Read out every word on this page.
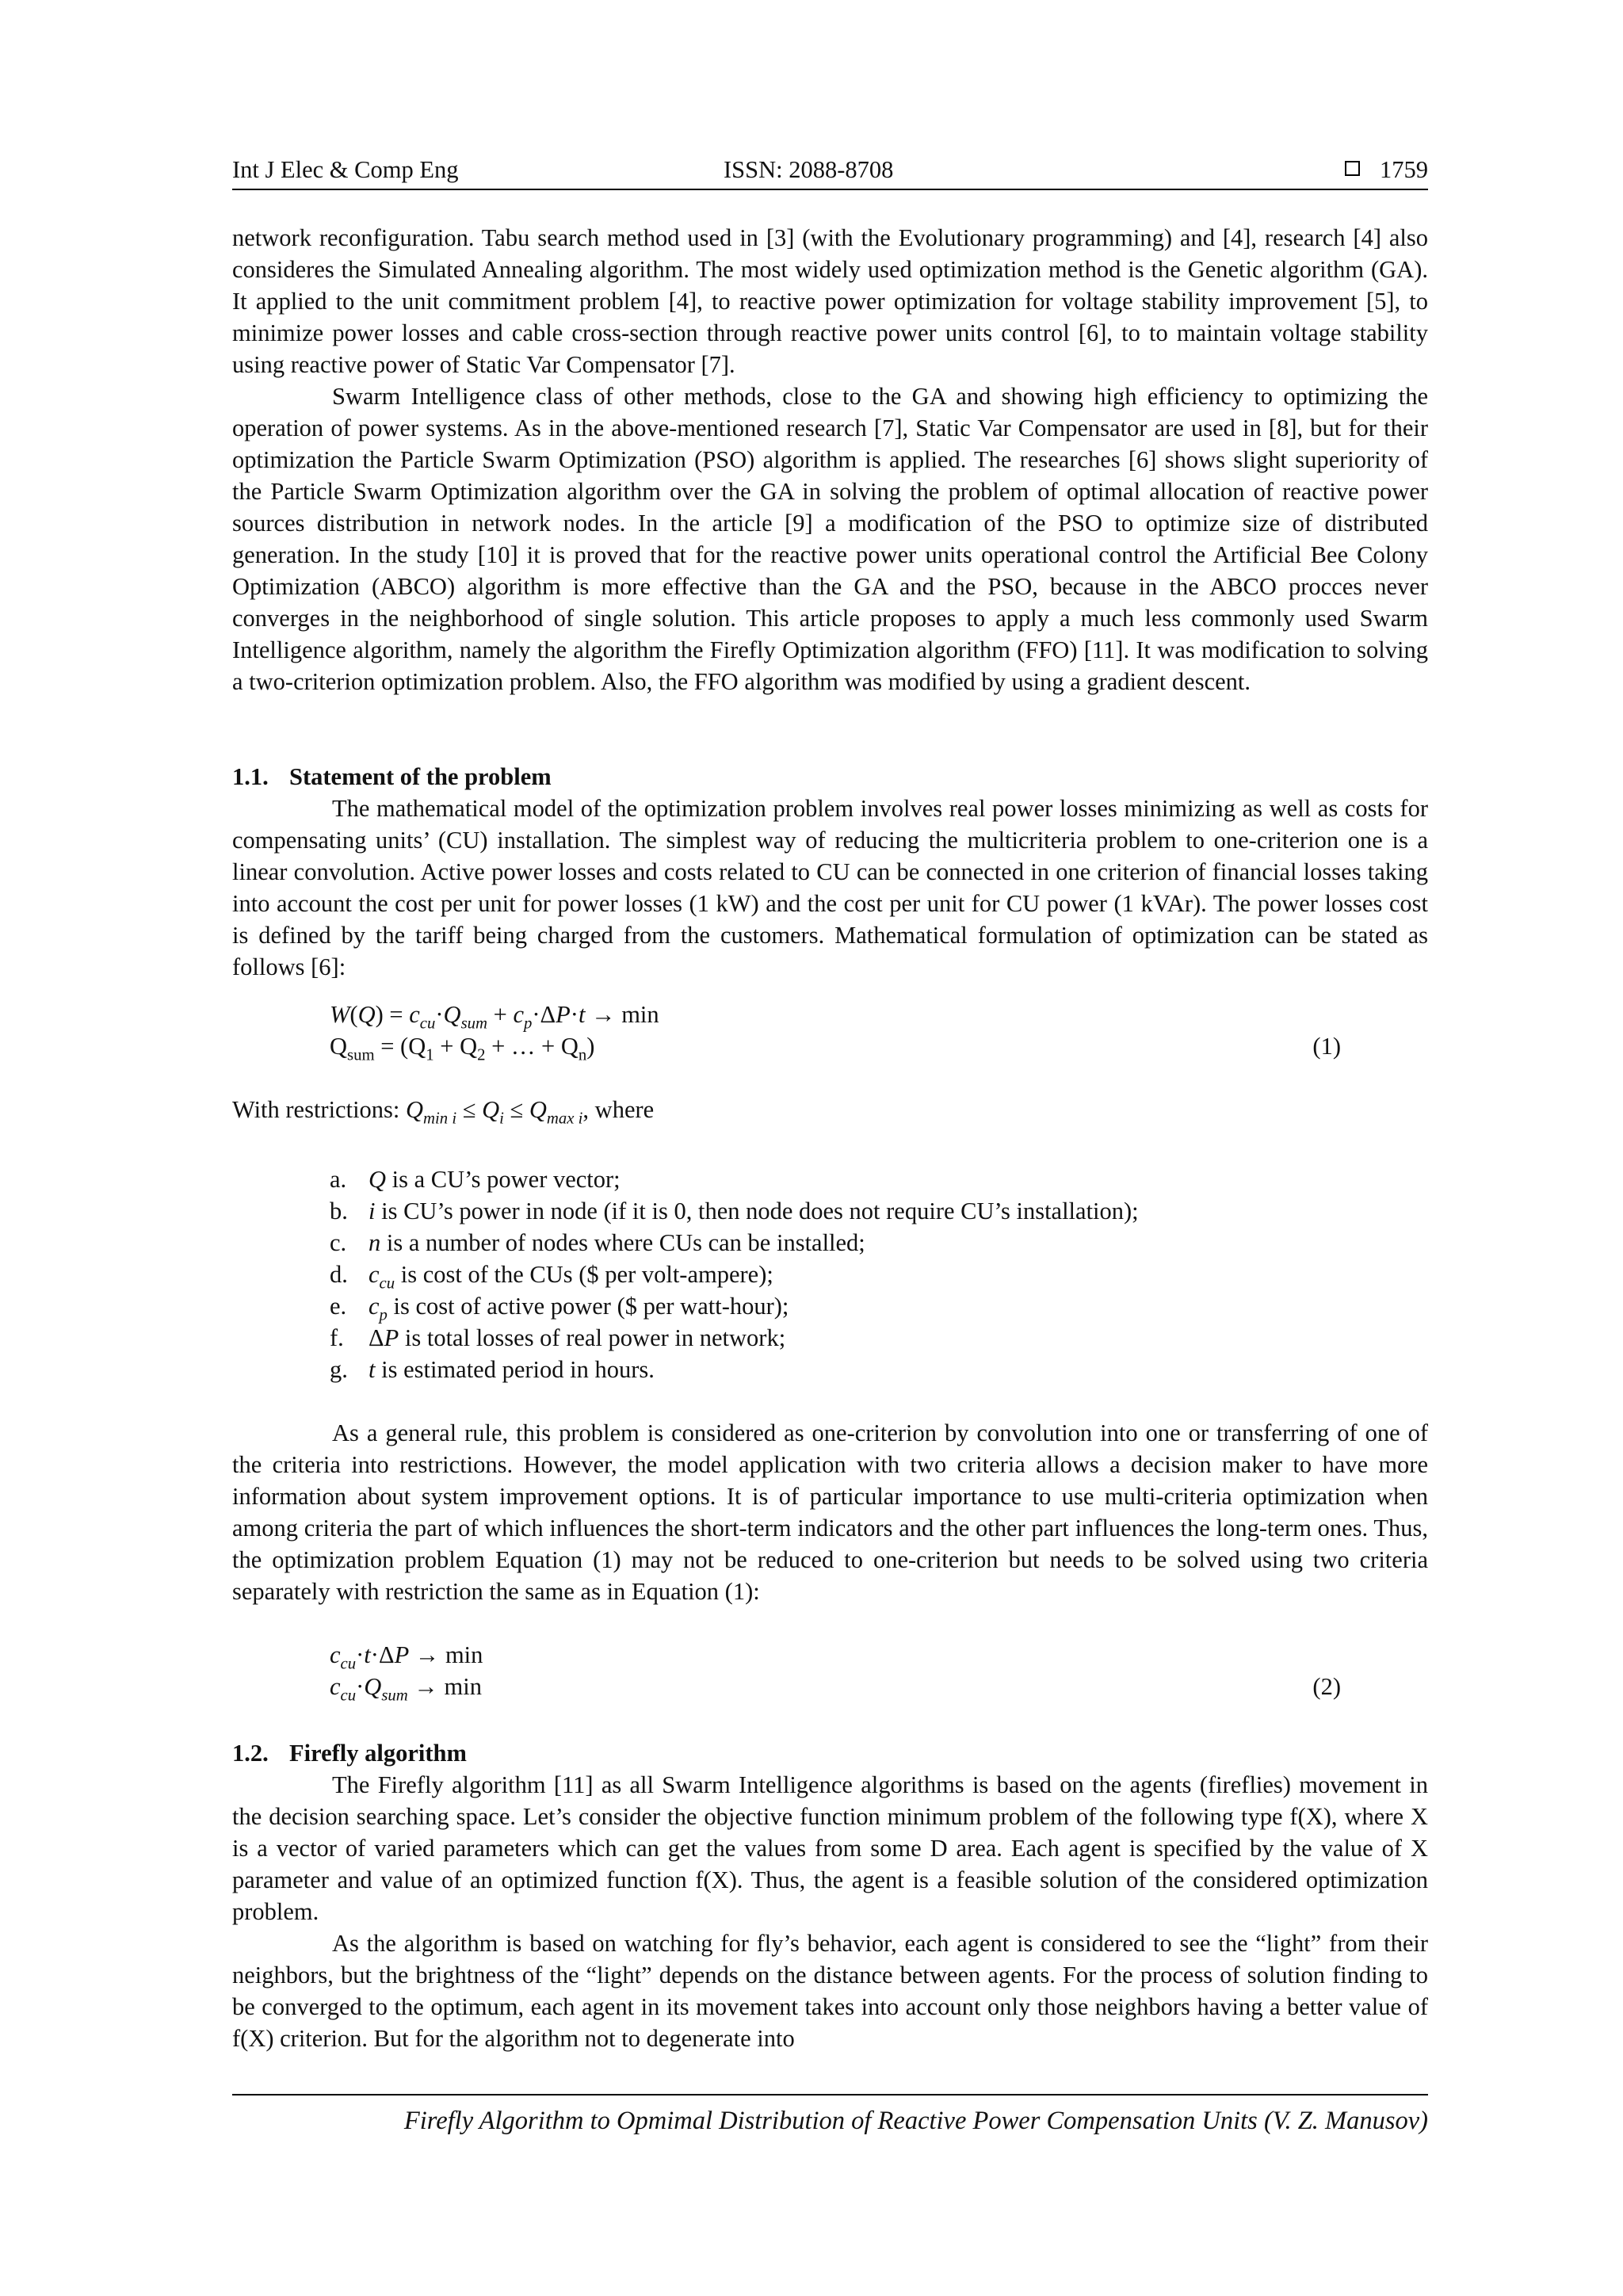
Int J Elec & Comp Eng	ISSN: 2088-8708	1759

network reconfiguration. Tabu search method used in [3] (with the Evolutionary programming) and [4], research [4] also consideres the Simulated Annealing algorithm. The most widely used optimization method is the Genetic algorithm (GA). It applied to the unit commitment problem [4], to reactive power optimization for voltage stability improvement [5], to minimize power losses and cable cross-section through reactive power units control [6], to to maintain voltage stability using reactive power of Static Var Compensator [7].

Swarm Intelligence class of other methods, close to the GA and showing high efficiency to optimizing the operation of power systems. As in the above-mentioned research [7], Static Var Compensator are used in [8], but for their optimization the Particle Swarm Optimization (PSO) algorithm is applied. The researches [6] shows slight superiority of the Particle Swarm Optimization algorithm over the GA in solving the problem of optimal allocation of reactive power sources distribution in network nodes. In the article [9] a modification of the PSO to optimize size of distributed generation. In the study [10] it is proved that for the reactive power units operational control the Artificial Bee Colony Optimization (ABCO) algorithm is more effective than the GA and the PSO, because in the ABCO procces never converges in the neighborhood of single solution. This article proposes to apply a much less commonly used Swarm Intelligence algorithm, namely the algorithm the Firefly Optimization algorithm (FFO) [11]. It was modification to solving a two-criterion optimization problem. Also, the FFO algorithm was modified by using a gradient descent.

1.1. Statement of the problem

The mathematical model of the optimization problem involves real power losses minimizing as well as costs for compensating units’ (CU) installation. The simplest way of reducing the multicriteria problem to one-criterion one is a linear convolution. Active power losses and costs related to CU can be connected in one criterion of financial losses taking into account the cost per unit for power losses (1 kW) and the cost per unit for CU power (1 kVAr). The power losses cost is defined by the tariff being charged from the customers. Mathematical formulation of optimization can be stated as follows [6]:

$W(Q) = c_{cu}\cdot Q_{sum} + c_p\cdot\Delta P\cdot t \to \min$
$Q_{sum} = (Q_1 + Q_2$ + … + $Q_n$)	(1)

With restrictions: $Q_{min i} \le Q_i \le Q_{max i}$, where

a. Q is a CU’s power vector;
b. i is CU’s power in node (if it is 0, then node does not require CU’s installation);
c. n is a number of nodes where CUs can be installed;
d. $c_{cu}$ is cost of the CUs ($ per volt-ampere);
e. $c_p$ is cost of active power ($ per watt-hour);
f. ΔP is total losses of real power in network;
g. t is estimated period in hours.

As a general rule, this problem is considered as one-criterion by convolution into one or transferring of one of the criteria into restrictions. However, the model application with two criteria allows a decision maker to have more information about system improvement options. It is of particular importance to use multi-criteria optimization when among criteria the part of which influences the short-term indicators and the other part influences the long-term ones. Thus, the optimization problem Equation (1) may not be reduced to one-criterion but needs to be solved using two criteria separately with restriction the same as in Equation (1):

$c_{cu}\cdot t\cdot\Delta P \to \min$
$c_{cu}\cdot Q_{sum} \to \min$	(2)

1.2. Firefly algorithm

The Firefly algorithm [11] as all Swarm Intelligence algorithms is based on the agents (fireflies) movement in the decision searching space. Let’s consider the objective function minimum problem of the following type f(X), where X is a vector of varied parameters which can get the values from some D area. Each agent is specified by the value of X parameter and value of an optimized function f(X). Thus, the agent is a feasible solution of the considered optimization problem.

As the algorithm is based on watching for fly’s behavior, each agent is considered to see the “light” from their neighbors, but the brightness of the “light” depends on the distance between agents. For the process of solution finding to be converged to the optimum, each agent in its movement takes into account only those neighbors having a better value of f(X) criterion. But for the algorithm not to degenerate into

Firefly Algorithm to Opmimal Distribution of Reactive Power Compensation Units (V. Z. Manusov)
